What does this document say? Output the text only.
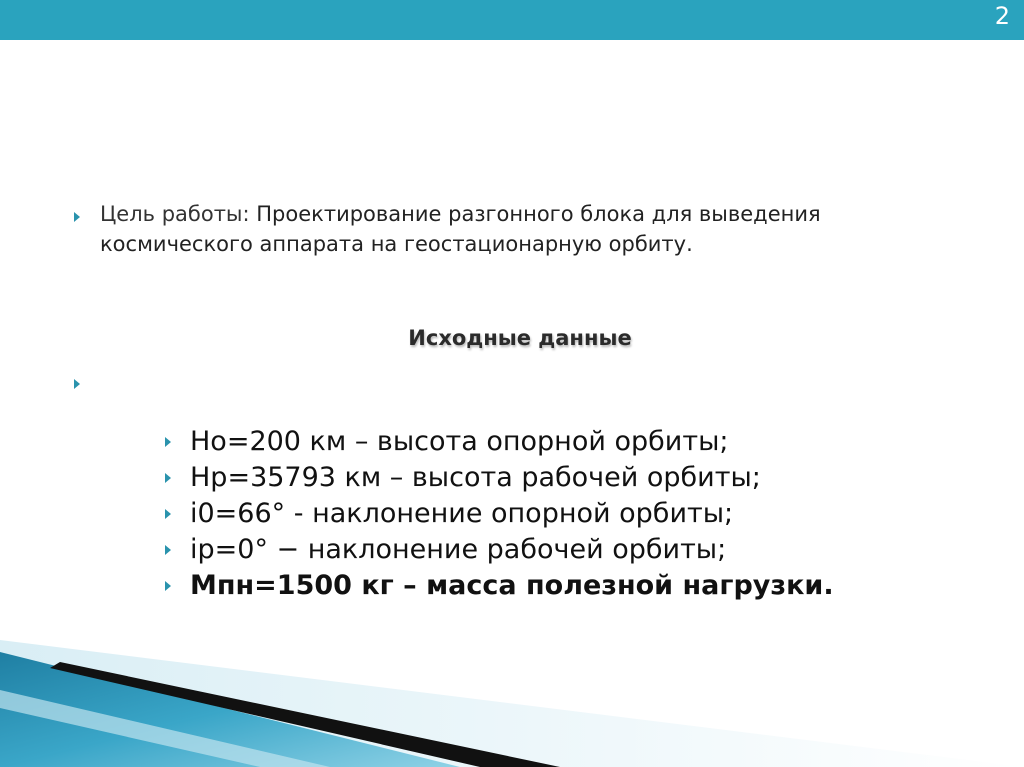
2
Цель работы: Проектирование разгонного блока для выведения космического аппарата на геостационарную орбиту.
Исходные данные
Hо=200 км – высота опорной орбиты;
Hр=35793 км – высота рабочей орбиты;
i0=66° - наклонение опорной орбиты;
iр=0° − наклонение рабочей орбиты;
Mпн=1500 кг – масса полезной нагрузки.
